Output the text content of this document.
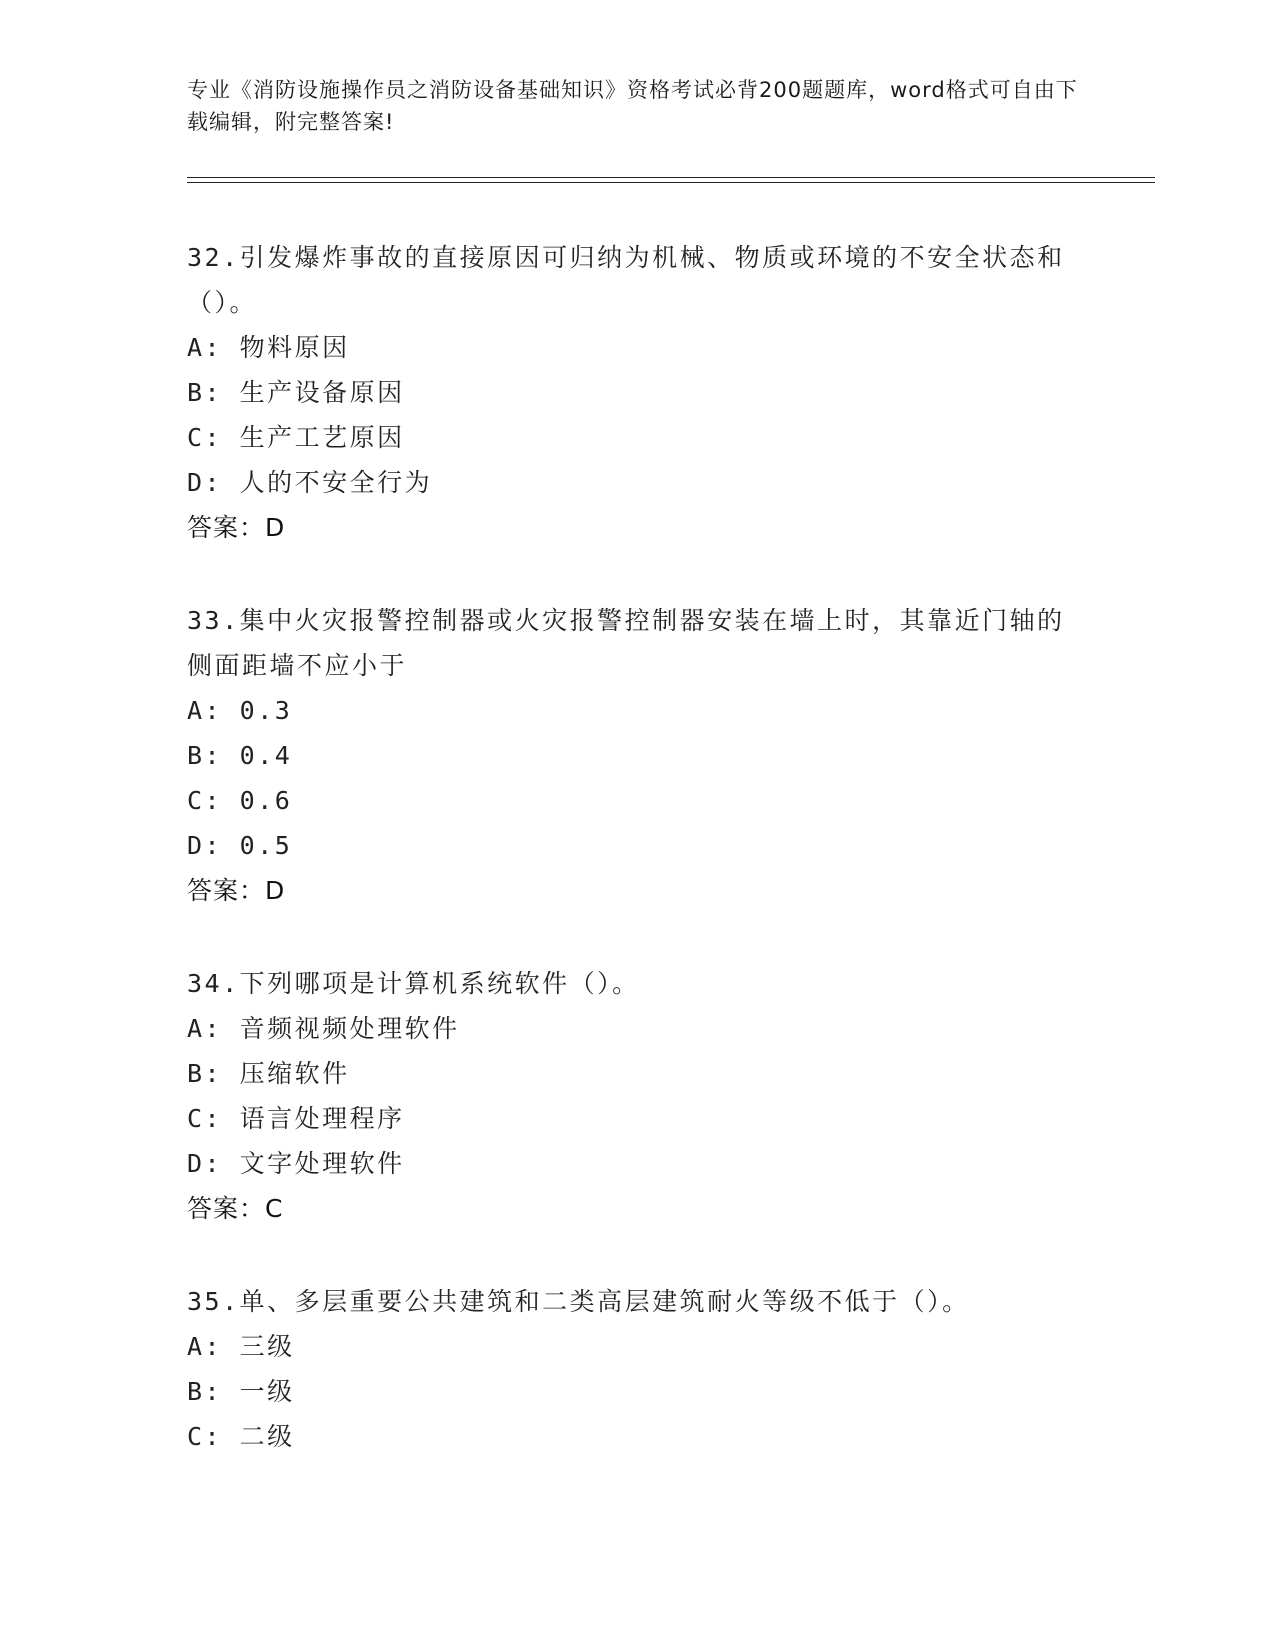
专业《消防设施操作员之消防设备基础知识》资格考试必背200题题库，word格式可自由下载编辑，附完整答案!

32.引发爆炸事故的直接原因可归纳为机械、物质或环境的不安全状态和（）。

A: 物料原因

B: 生产设备原因

C: 生产工艺原因

D: 人的不安全行为

答案：D

33.集中火灾报警控制器或火灾报警控制器安装在墙上时，其靠近门轴的侧面距墙不应小于

A: 0.3

B: 0.4

C: 0.6

D: 0.5

答案：D

34.下列哪项是计算机系统软件（）。

A: 音频视频处理软件

B: 压缩软件

C: 语言处理程序

D: 文字处理软件

答案：C

35.单、多层重要公共建筑和二类高层建筑耐火等级不低于（）。

A: 三级

B: 一级

C: 二级
